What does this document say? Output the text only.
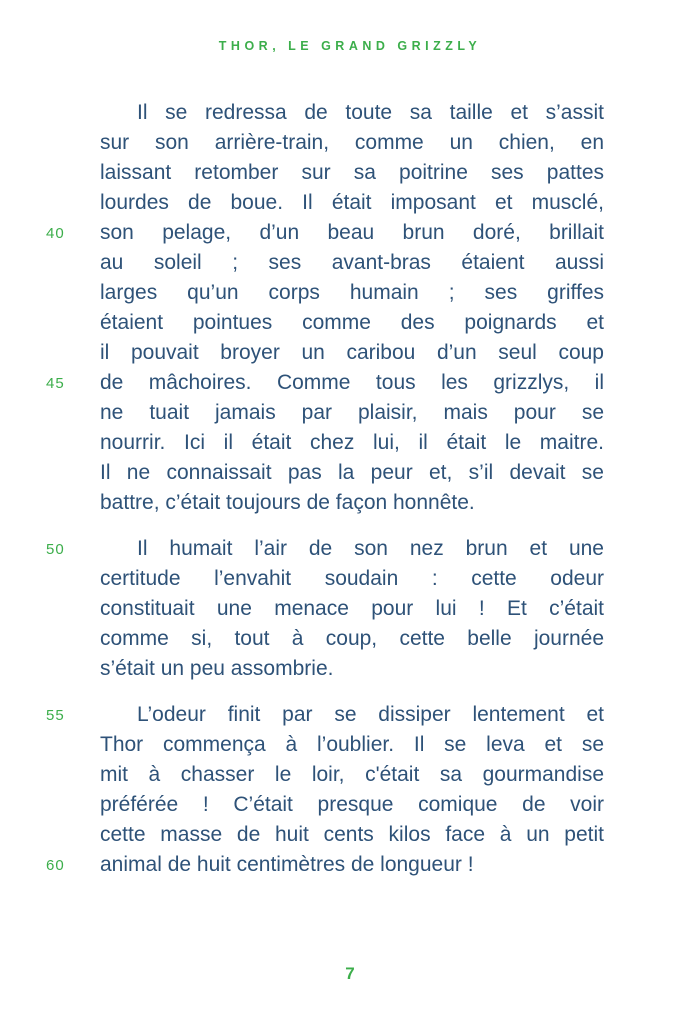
THOR, LE GRAND GRIZZLY
Il se redressa de toute sa taille et s’assit
sur son arrière-train, comme un chien, en
laissant retomber sur sa poitrine ses pattes
lourdes de boue. Il était imposant et musclé,
40	son pelage, d’un beau brun doré, brillait
au soleil ; ses avant-bras étaient aussi
larges qu’un corps humain ; ses griffes
étaient pointues comme des poignards et
il pouvait broyer un caribou d’un seul coup
45	de mâchoires. Comme tous les grizzlys, il
ne tuait jamais par plaisir, mais pour se
nourrir. Ici il était chez lui, il était le maitre.
Il ne connaissait pas la peur et, s’il devait se
battre, c’était toujours de façon honnête.
50	Il humait l’air de son nez brun et une
certitude l’envahit soudain : cette odeur
constituait une menace pour lui ! Et c’était
comme si, tout à coup, cette belle journée
s’était un peu assombrie.
55	L’odeur finit par se dissiper lentement et
Thor commença à l’oublier. Il se leva et se
mit à chasser le loir, c'était sa gourmandise
préférée ! C’était presque comique de voir
cette masse de huit cents kilos face à un petit
60	animal de huit centimètres de longueur !
7
